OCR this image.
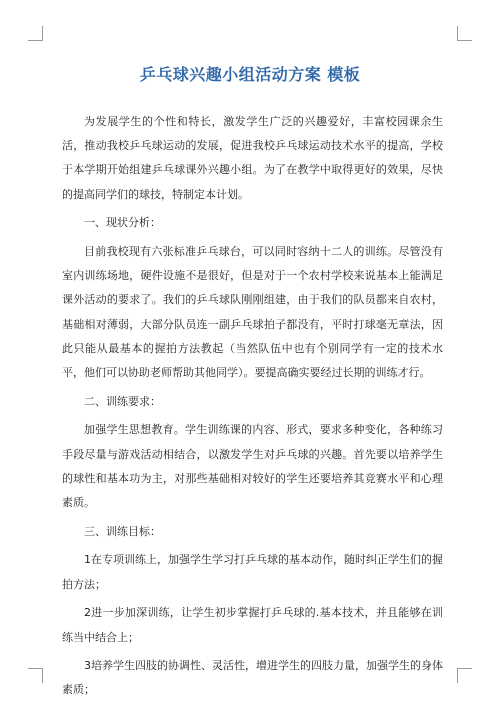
乒乓球兴趣小组活动方案 模板

为发展学生的个性和特长，激发学生广泛的兴趣爱好，丰富校园课余生活，推动我校乒乓球运动的发展，促进我校乒乓球运动技术水平的提高，学校于本学期开始组建乒乓球课外兴趣小组。为了在教学中取得更好的效果，尽快的提高同学们的球技，特制定本计划。

一、现状分析：

目前我校现有六张标准乒乓球台，可以同时容纳十二人的训练。尽管没有室内训练场地，硬件设施不是很好，但是对于一个农村学校来说基本上能满足课外活动的要求了。我们的乒乓球队刚刚组建，由于我们的队员都来自农村，基础相对薄弱，大部分队员连一副乒乓球拍子都没有，平时打球毫无章法，因此只能从最基本的握拍方法教起（当然队伍中也有个别同学有一定的技术水平，他们可以协助老师帮助其他同学）。要提高确实要经过长期的训练才行。

二、训练要求：

加强学生思想教育。学生训练课的内容、形式，要求多种变化，各种练习手段尽量与游戏活动相结合，以激发学生对乒乓球的兴趣。首先要以培养学生的球性和基本功为主，对那些基础相对较好的学生还要培养其竞赛水平和心理素质。

三、训练目标：

1在专项训练上，加强学生学习打乒乓球的基本动作，随时纠正学生们的握拍方法；

2进一步加深训练，让学生初步掌握打乒乓球的.基本技术，并且能够在训练当中结合上；

3培养学生四肢的协调性、灵活性，增进学生的四肢力量，加强学生的身体素质；
